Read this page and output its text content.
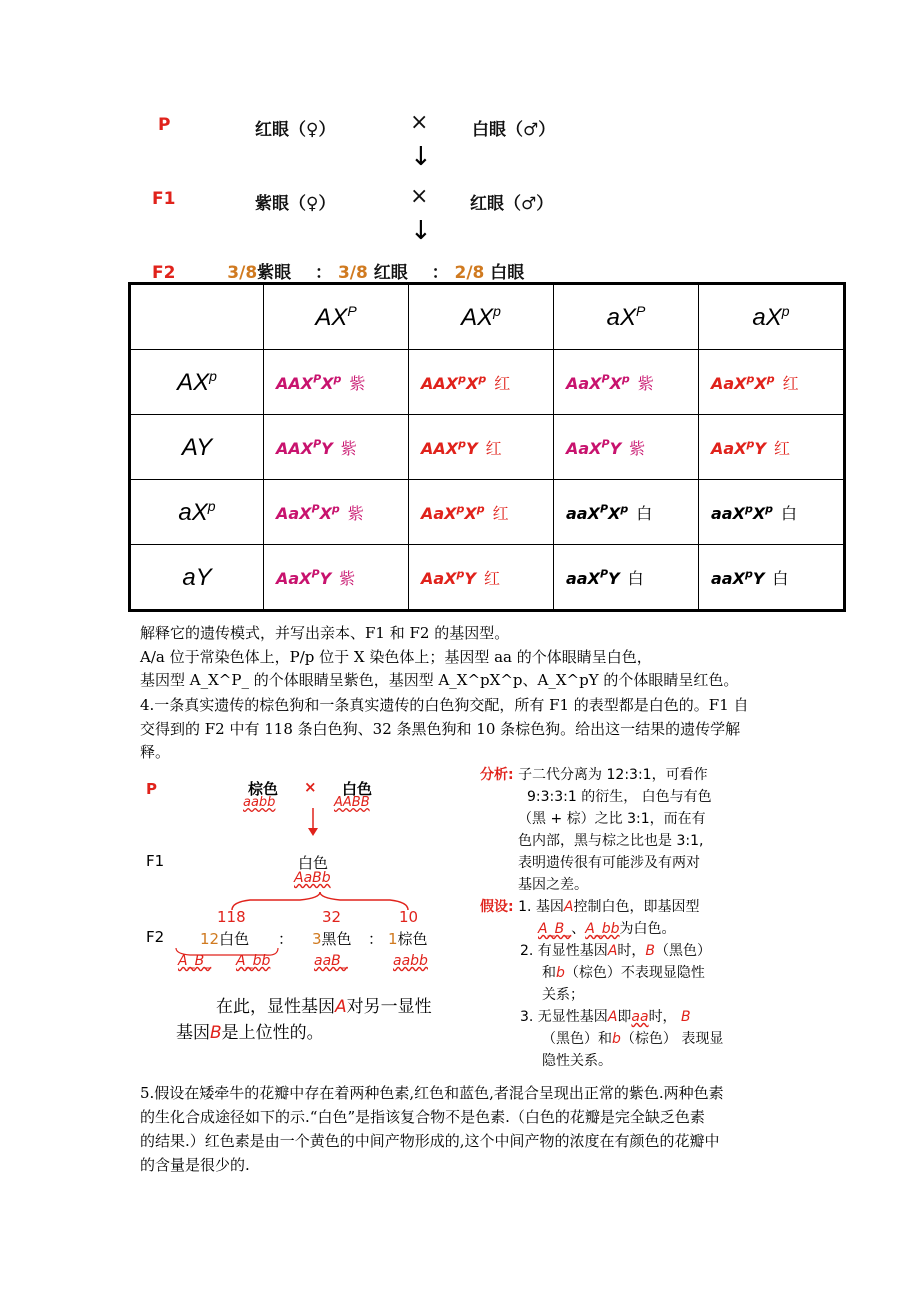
P	红眼（♀）	×	白眼（♂）
↓
F1	紫眼（♀）	× 红眼（♂）
↓
F2	3/8紫眼 ： 3/8 红眼 ： 2/8 白眼
	$AX^P$	$AX^p$	$aX^P$	$aX^p$
$AX^p$	$AAX^PX^p$ 紫	$AAX^pX^p$ 红	$AaX^PX^p$ 紫	$AaX^pX^p$ 红
AY	$AAX^PY$ 紫	AAX$^p$Y 红	AaX$^P$Y 紫	AaX$^p$Y 红
$aX^p$	$AaX^PX^p$ 紫	$AaX^pX^p$ 红	$aaX^PX^p$ 白	$aaX^pX^p$ 白
aY	AaX$^P$Y 紫	AaX$^p$Y 红	aaX$^P$Y 白	aaX$^p$Y 白
解释它的遗传模式，并写出亲本、F1 和 F2 的基因型。
A/a 位于常染色体上，P/p 位于 X 染色体上；基因型 aa 的个体眼睛呈白色，
基因型 A_X^P_ 的个体眼睛呈紫色，基因型 A_X^pX^p、A_X^pY 的个体眼睛呈红色。
4.一条真实遗传的棕色狗和一条真实遗传的白色狗交配，所有 F1 的表型都是白色的。F1 自
交得到的 F2 中有 118 条白色狗、32 条黑色狗和 10 条棕色狗。给出这一结果的遗传学解
释。
P	棕色
aabb
× 白色
AABB
F1	白色
AaBb
118	32	10
F2 12白色 ： 3黑色 ： 1棕色
A_B_ A_bb	aaB_	aabb
在此，显性基因A对另一显性
基因B是上位性的。
分析: 子二代分离为 12:3:1，可看作
9:3:3:1 的衍生， 白色与有色
（黑 + 棕）之比 3:1，而在有
色内部，黑与棕之比也是 3:1,
表明遗传很有可能涉及有两对
基因之差。
假设: 1. 基因A控制白色，即基因型
A_B_、A_bb为白色。
2. 有显性基因A时，B（黑色）
和b（棕色）不表现显隐性
关系；
3. 无显性基因A即aa时， B
（黑色）和b（棕色） 表现显
隐性关系。
5.假设在矮牵牛的花瓣中存在着两种色素,红色和蓝色,者混合呈现出正常的紫色.两种色素
的生化合成途径如下的示.“白色”是指该复合物不是色素.（白色的花瓣是完全缺乏色素
的结果.）红色素是由一个黄色的中间产物形成的,这个中间产物的浓度在有颜色的花瓣中
的含量是很少的.
